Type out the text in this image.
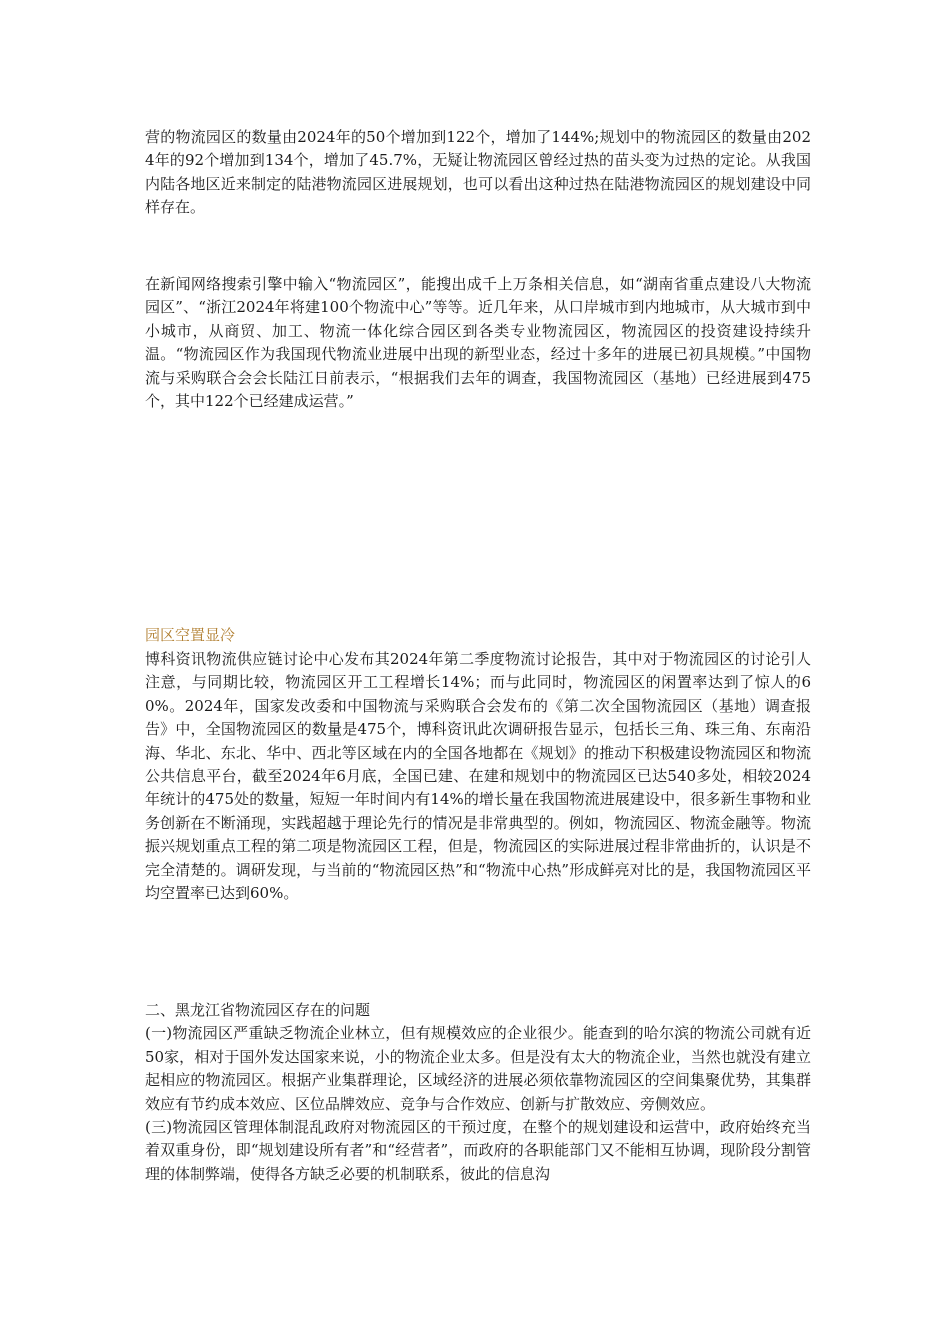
营的物流园区的数量由2024年的50个增加到122个，增加了144%;规划中的物流园区的数量由2024年的92个增加到134个，增加了45.7%，无疑让物流园区曾经过热的苗头变为过热的定论。从我国内陆各地区近来制定的陆港物流园区进展规划，也可以看出这种过热在陆港物流园区的规划建设中同样存在。

在新闻网络搜索引擎中输入“物流园区”，能搜出成千上万条相关信息，如“湖南省重点建设八大物流园区”、“浙江2024年将建100个物流中心”等等。近几年来，从口岸城市到内地城市，从大城市到中小城市，从商贸、加工、物流一体化综合园区到各类专业物流园区，物流园区的投资建设持续升温。“物流园区作为我国现代物流业进展中出现的新型业态，经过十多年的进展已初具规模。”中国物流与采购联合会会长陆江日前表示，“根据我们去年的调查，我国物流园区（基地）已经进展到475个，其中122个已经建成运营。”

园区空置显冷

博科资讯物流供应链讨论中心发布其2024年第二季度物流讨论报告，其中对于物流园区的讨论引人注意，与同期比较，物流园区开工工程增长14%；而与此同时，物流园区的闲置率达到了惊人的60%。2024年，国家发改委和中国物流与采购联合会发布的《第二次全国物流园区（基地）调查报告》中，全国物流园区的数量是475个，博科资讯此次调研报告显示，包括长三角、珠三角、东南沿海、华北、东北、华中、西北等区域在内的全国各地都在《规划》的推动下积极建设物流园区和物流公共信息平台，截至2024年6月底，全国已建、在建和规划中的物流园区已达540多处，相较2024年统计的475处的数量，短短一年时间内有14%的增长量在我国物流进展建设中，很多新生事物和业务创新在不断涌现，实践超越于理论先行的情况是非常典型的。例如，物流园区、物流金融等。物流振兴规划重点工程的第二项是物流园区工程，但是，物流园区的实际进展过程非常曲折的，认识是不完全清楚的。调研发现，与当前的“物流园区热”和“物流中心热”形成鲜亮对比的是，我国物流园区平均空置率已达到60%。

二、黑龙江省物流园区存在的问题
(一)物流园区严重缺乏物流企业林立，但有规模效应的企业很少。能查到的哈尔滨的物流公司就有近50家，相对于国外发达国家来说，小的物流企业太多。但是没有太大的物流企业，当然也就没有建立起相应的物流园区。根据产业集群理论，区域经济的进展必须依靠物流园区的空间集聚优势，其集群效应有节约成本效应、区位品牌效应、竞争与合作效应、创新与扩散效应、旁侧效应。
(三)物流园区管理体制混乱政府对物流园区的干预过度，在整个的规划建设和运营中，政府始终充当着双重身份，即“规划建设所有者”和“经营者”，而政府的各职能部门又不能相互协调，现阶段分割管理的体制弊端，使得各方缺乏必要的机制联系，彼此的信息沟
